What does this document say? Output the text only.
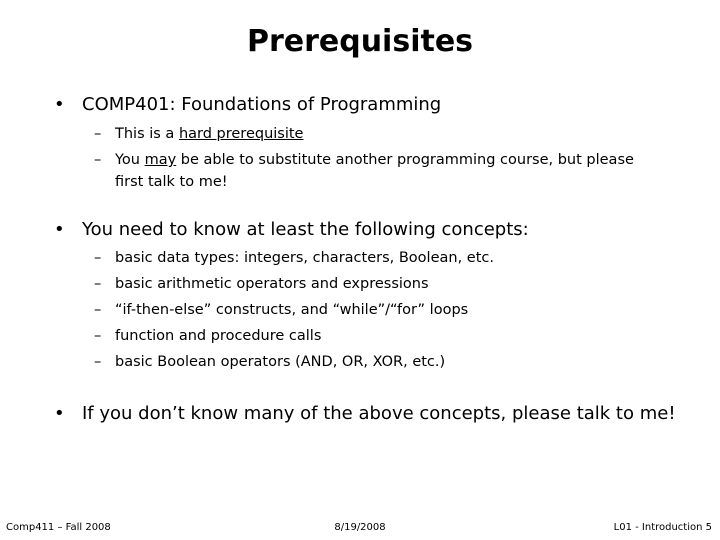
Prerequisites
• COMP401: Foundations of Programming
– This is a hard prerequisite
– You may be able to substitute another programming course, but please
first talk to me!
• You need to know at least the following concepts:
– basic data types: integers, characters, Boolean, etc.
– basic arithmetic operators and expressions
– “if-then-else” constructs, and “while”/“for” loops
– function and procedure calls
– basic Boolean operators (AND, OR, XOR, etc.)
• If you don’t know many of the above concepts, please talk to me!
Comp411 – Fall 2008	8/19/2008	L01 - Introduction 5
